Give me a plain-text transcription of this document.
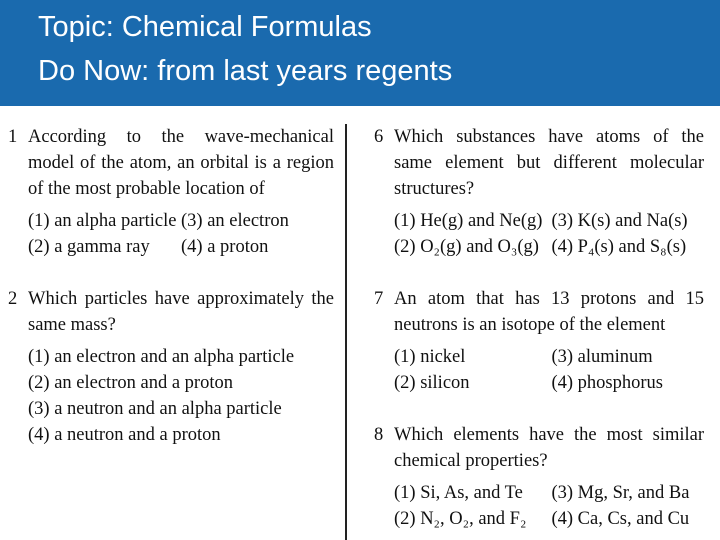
Topic: Chemical Formulas
Do Now: from last years regents
1 According to the wave-mechanical model of the atom, an orbital is a region of the most probable location of
(1) an alpha particle (3) an electron
(2) a gamma ray	(4) a proton
2 Which particles have approximately the same mass?
(1) an electron and an alpha particle
(2) an electron and a proton
(3) a neutron and an alpha particle
(4) a neutron and a proton
6 Which substances have atoms of the same element but different molecular structures?
(1) He(g) and Ne(g) (3) K(s) and Na(s)
(2) O₂(g) and O₃(g) (4) P₄(s) and S₈(s)
7 An atom that has 13 protons and 15 neutrons is an isotope of the element
(1) nickel	(3) aluminum
(2) silicon	(4) phosphorus
8 Which elements have the most similar chemical properties?
(1) Si, As, and Te	(3) Mg, Sr, and Ba
(2) N₂, O₂, and F₂	(4) Ca, Cs, and Cu
